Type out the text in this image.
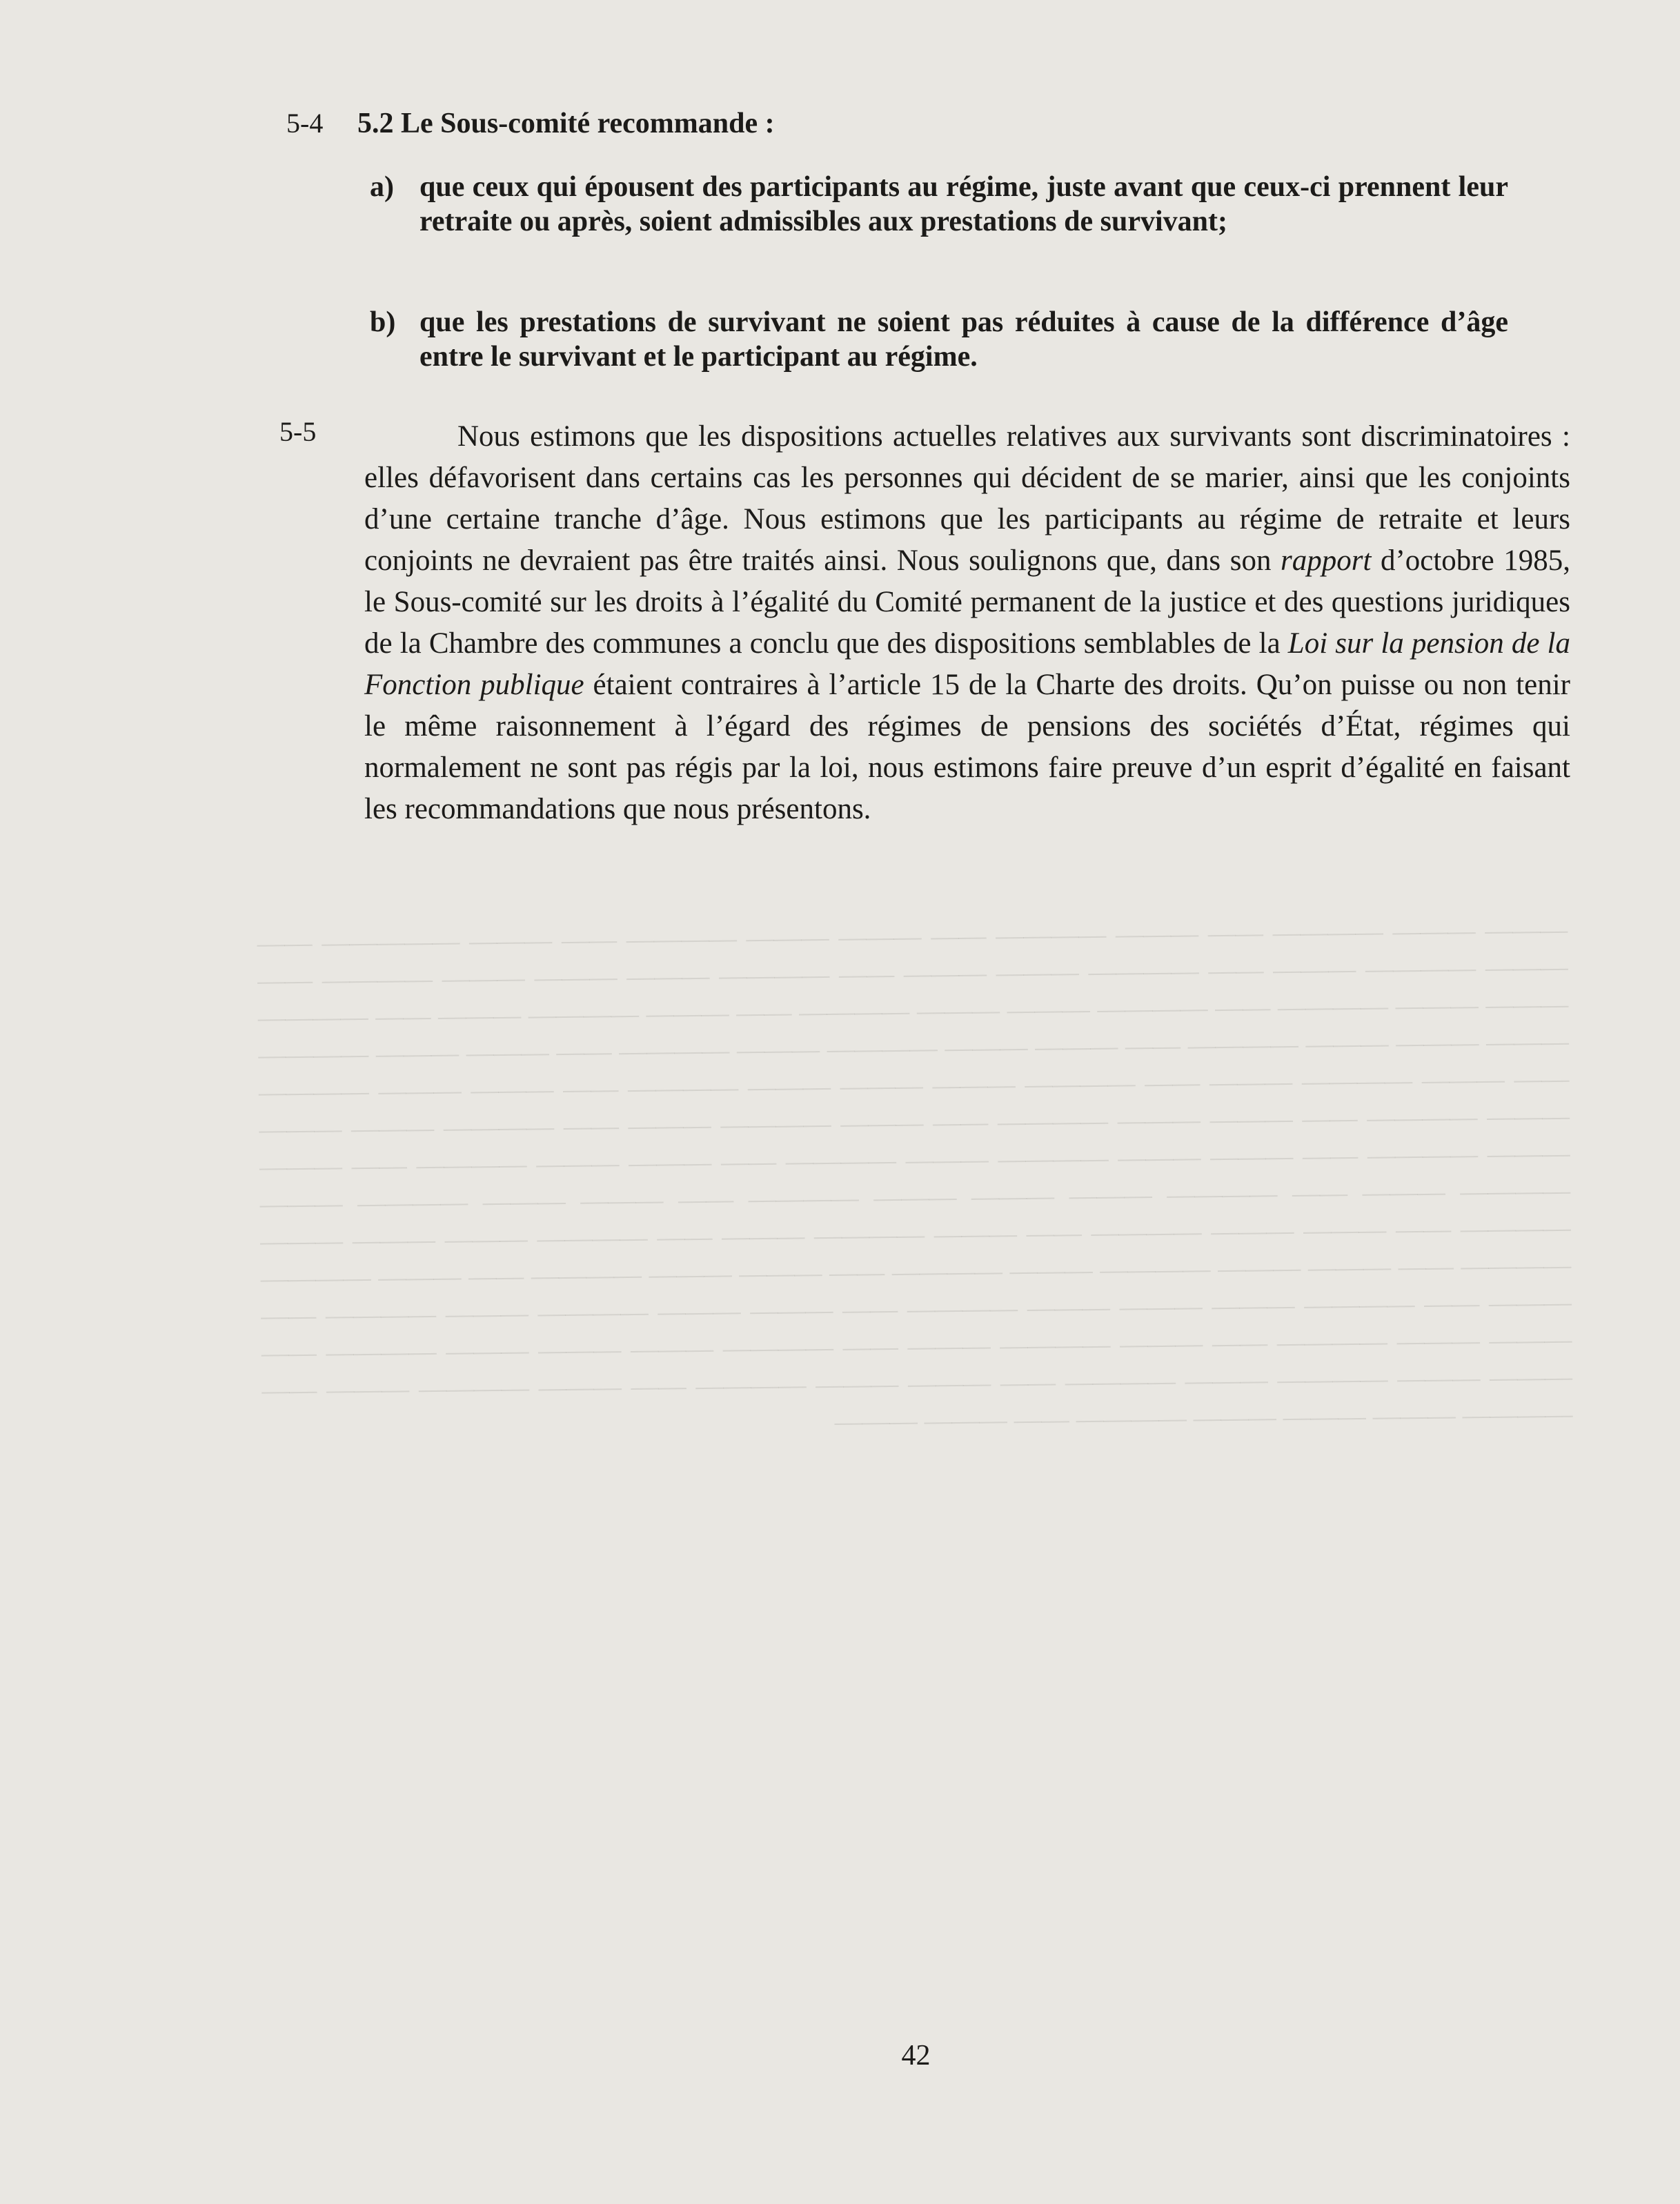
——— ——— ———— —— ——— ———— —— ——— ——— ———— —— ——— ————— —— ——— ———— ——— —— ———— ——— ——— —— ———— ——— ——— ——— ———— —— ——— ——— ———— —— ———— ——— ——— ———— —— ——— ———— ——— —— ———— ——— ——— ——— ———— —— ——— ——— ———— ——— ———— —— ——— ——— ———— —— ——— ———— ——— —— ———— ——— ——— ——— ———— —— ——— ——— ———— ——— ———— —— ——— ——— ———— —— ——— ———— ——— —— ———— ——— ——— ——— ———— —— ——— ——— ———— ——— ———— —— ——— ——— ———— —— ——— ———— ——— —— ———— ——— ——— ——— ———— —— ——— ——— ———— ——— ———— —— ——— ——— ———— —— ——— ———— ——— —— ———— ——— ——— ——— ———— —— ——— ——— ———— ——— ———— —— ——— ——— ———— —— ——— ———— ——— —— ———— ——— ——— ——— ———— —— ——— ——— ———— ——— ———— —— ——— ——— ———— —— ——— ———— ——— —— ———— ——— ——— ——— ———— —— ——— ——— ———— ——— ———— —— ——— ——— ———— —— ——— ———— ——— —— ———— ——— ——— ——— ———— —— ——— ———
5-4 5.2 Le Sous-comité recommande :
a) que ceux qui épousent des participants au régime, juste avant que ceux-ci prennent leur retraite ou après, soient admissibles aux prestations de survivant;
b) que les prestations de survivant ne soient pas réduites à cause de la différence d’âge entre le survivant et le participant au régime.
5-5	Nous estimons que les dispositions actuelles relatives aux survivants sont discriminatoires : elles défavorisent dans certains cas les personnes qui décident de se marier, ainsi que les conjoints d’une certaine tranche d’âge. Nous estimons que les participants au régime de retraite et leurs conjoints ne devraient pas être traités ainsi. Nous soulignons que, dans son rapport d’octobre 1985, le Sous-comité sur les droits à l’égalité du Comité permanent de la justice et des questions juridiques de la Chambre des communes a conclu que des dispositions semblables de la Loi sur la pension de la Fonction publique étaient contraires à l’article 15 de la Charte des droits. Qu’on puisse ou non tenir le même raisonnement à l’égard des régimes de pensions des sociétés d’État, régimes qui normalement ne sont pas régis par la loi, nous estimons faire preuve d’un esprit d’égalité en faisant les recommandations que nous présentons.
42
